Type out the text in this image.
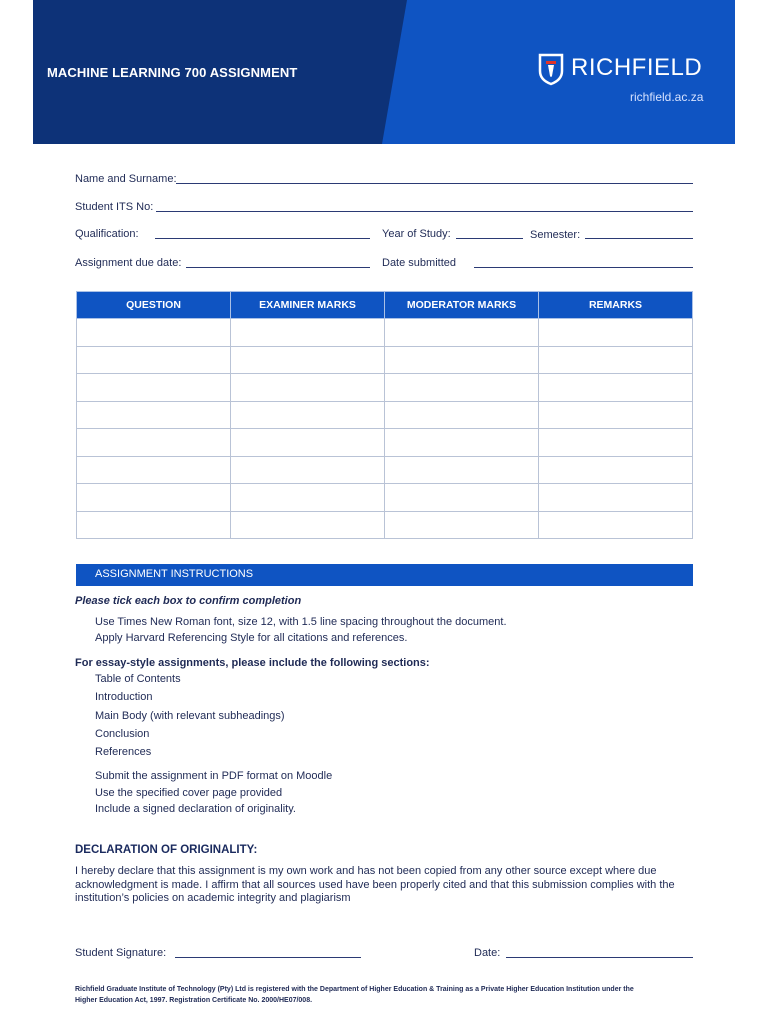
MACHINE LEARNING 700 ASSIGNMENT	RICHFIELD
richfield.ac.za
Name and Surname:
Student ITS No:
Qualification:	Year of Study:	Semester:
Assignment due date:	Date submitted
QUESTION	EXAMINER MARKS	MODERATOR MARKS	REMARKS

ASSIGNMENT INSTRUCTIONS
Please tick each box to confirm completion
Use Times New Roman font, size 12, with 1.5 line spacing throughout the document.
Apply Harvard Referencing Style for all citations and references.
For essay-style assignments, please include the following sections:
Table of Contents
Introduction
Main Body (with relevant subheadings)
Conclusion
References
Submit the assignment in PDF format on Moodle
Use the specified cover page provided
Include a signed declaration of originality.
DECLARATION OF ORIGINALITY:
I hereby declare that this assignment is my own work and has not been copied from any other source except where due acknowledgment is made. I affirm that all sources used have been properly cited and that this submission complies with the institution’s policies on academic integrity and plagiarism
Student Signature:	Date:
Richfield Graduate Institute of Technology (Pty) Ltd is registered with the Department of Higher Education & Training as a Private Higher Education Institution under the Higher Education Act, 1997. Registration Certificate No. 2000/HE07/008.
